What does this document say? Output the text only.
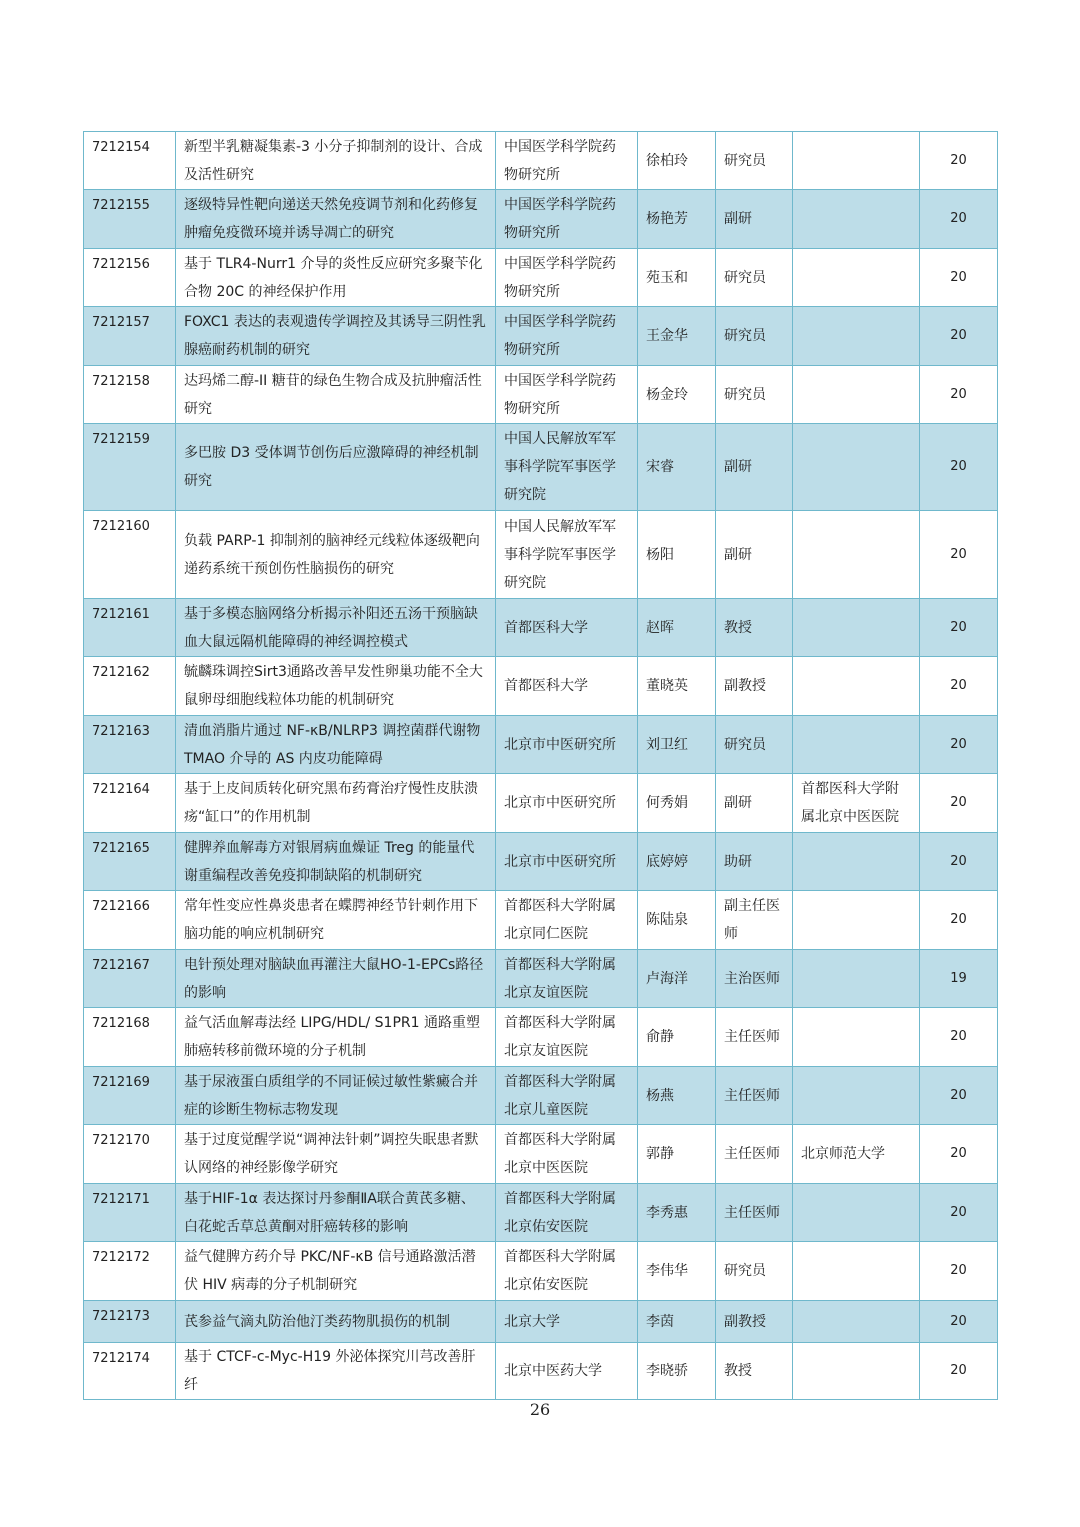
7212154	新型半乳糖凝集素-3 小分子抑制剂的设计、合成及活性研究	中国医学科学院药物研究所	徐柏玲	研究员		20
7212155	逐级特异性靶向递送天然免疫调节剂和化药修复肿瘤免疫微环境并诱导凋亡的研究	中国医学科学院药物研究所	杨艳芳	副研		20
7212156	基于 TLR4-Nurr1 介导的炎性反应研究多聚苄化合物 20C 的神经保护作用	中国医学科学院药物研究所	苑玉和	研究员		20
7212157	FOXC1 表达的表观遗传学调控及其诱导三阴性乳腺癌耐药机制的研究	中国医学科学院药物研究所	王金华	研究员		20
7212158	达玛烯二醇-II 糖苷的绿色生物合成及抗肿瘤活性研究	中国医学科学院药物研究所	杨金玲	研究员		20
7212159	多巴胺 D3 受体调节创伤后应激障碍的神经机制研究	中国人民解放军军事科学院军事医学研究院	宋睿	副研		20
7212160	负载 PARP-1 抑制剂的脑神经元线粒体逐级靶向递药系统干预创伤性脑损伤的研究	中国人民解放军军事科学院军事医学研究院	杨阳	副研		20
7212161	基于多模态脑网络分析揭示补阳还五汤干预脑缺血大鼠远隔机能障碍的神经调控模式	首都医科大学	赵晖	教授		20
7212162	毓麟珠调控Sirt3通路改善早发性卵巢功能不全大鼠卵母细胞线粒体功能的机制研究	首都医科大学	董晓英	副教授		20
7212163	清血消脂片通过 NF-κB/NLRP3 调控菌群代谢物 TMAO 介导的 AS 内皮功能障碍	北京市中医研究所	刘卫红	研究员		20
7212164	基于上皮间质转化研究黑布药膏治疗慢性皮肤溃疡“缸口”的作用机制	北京市中医研究所	何秀娟	副研	首都医科大学附属北京中医医院	20
7212165	健脾养血解毒方对银屑病血燥证 Treg 的能量代谢重编程改善免疫抑制缺陷的机制研究	北京市中医研究所	底婷婷	助研		20
7212166	常年性变应性鼻炎患者在蝶腭神经节针刺作用下脑功能的响应机制研究	首都医科大学附属北京同仁医院	陈陆泉	副主任医师		20
7212167	电针预处理对脑缺血再灌注大鼠HO-1-EPCs路径的影响	首都医科大学附属北京友谊医院	卢海洋	主治医师		19
7212168	益气活血解毒法经 LIPG/HDL/ S1PR1 通路重塑肺癌转移前微环境的分子机制	首都医科大学附属北京友谊医院	俞静	主任医师		20
7212169	基于尿液蛋白质组学的不同证候过敏性紫癜合并症的诊断生物标志物发现	首都医科大学附属北京儿童医院	杨燕	主任医师		20
7212170	基于过度觉醒学说“调神法针刺”调控失眠患者默认网络的神经影像学研究	首都医科大学附属北京中医医院	郭静	主任医师	北京师范大学	20
7212171	基于HIF-1α 表达探讨丹参酮ⅡA联合黄芪多糖、白花蛇舌草总黄酮对肝癌转移的影响	首都医科大学附属北京佑安医院	李秀惠	主任医师		20
7212172	益气健脾方药介导 PKC/NF-κB 信号通路激活潜伏 HIV 病毒的分子机制研究	首都医科大学附属北京佑安医院	李伟华	研究员		20
7212173	芪参益气滴丸防治他汀类药物肌损伤的机制	北京大学	李茵	副教授		20
7212174	基于 CTCF-c-Myc-H19 外泌体探究川芎改善肝纤	北京中医药大学	李晓骄	教授		20
26
